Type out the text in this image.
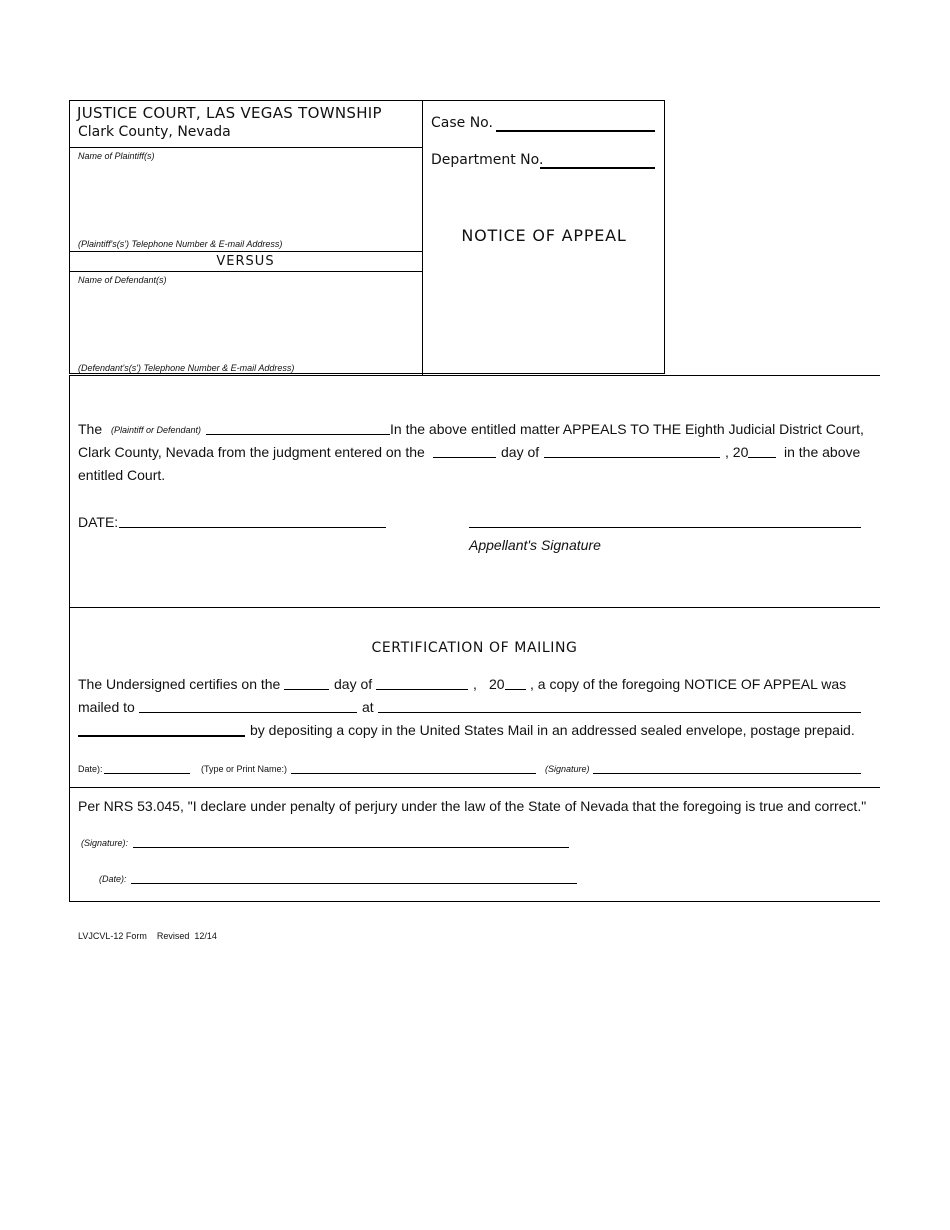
JUSTICE COURT, LAS VEGAS TOWNSHIP
Clark County, Nevada
Name of Plaintiff(s)
(Plaintiff's(s') Telephone Number & E-mail Address)
VERSUS
Name of Defendant(s)
(Defendant's(s') Telephone Number & E-mail Address)
Case No.
Department No.
NOTICE OF APPEAL
The (Plaintiff or Defendant)	In the above entitled matter APPEALS TO THE Eighth Judicial District Court,
Clark County, Nevada from the judgment entered on the	day of	, 20	in the above
entitled Court.
DATE:
Appellant's Signature
CERTIFICATION OF MAILING
The Undersigned certifies on the	day of	, 20 , a copy of the foregoing NOTICE OF APPEAL was
mailed to	at
by depositing a copy in the United States Mail in an addressed sealed envelope, postage prepaid.
Date):	(Type or Print Name:)	(Signature)
Per NRS 53.045, "I declare under penalty of perjury under the law of the State of Nevada that the foregoing is true and correct."
(Signature):
(Date):
LVJCVL-12 Form    Revised  12/14
